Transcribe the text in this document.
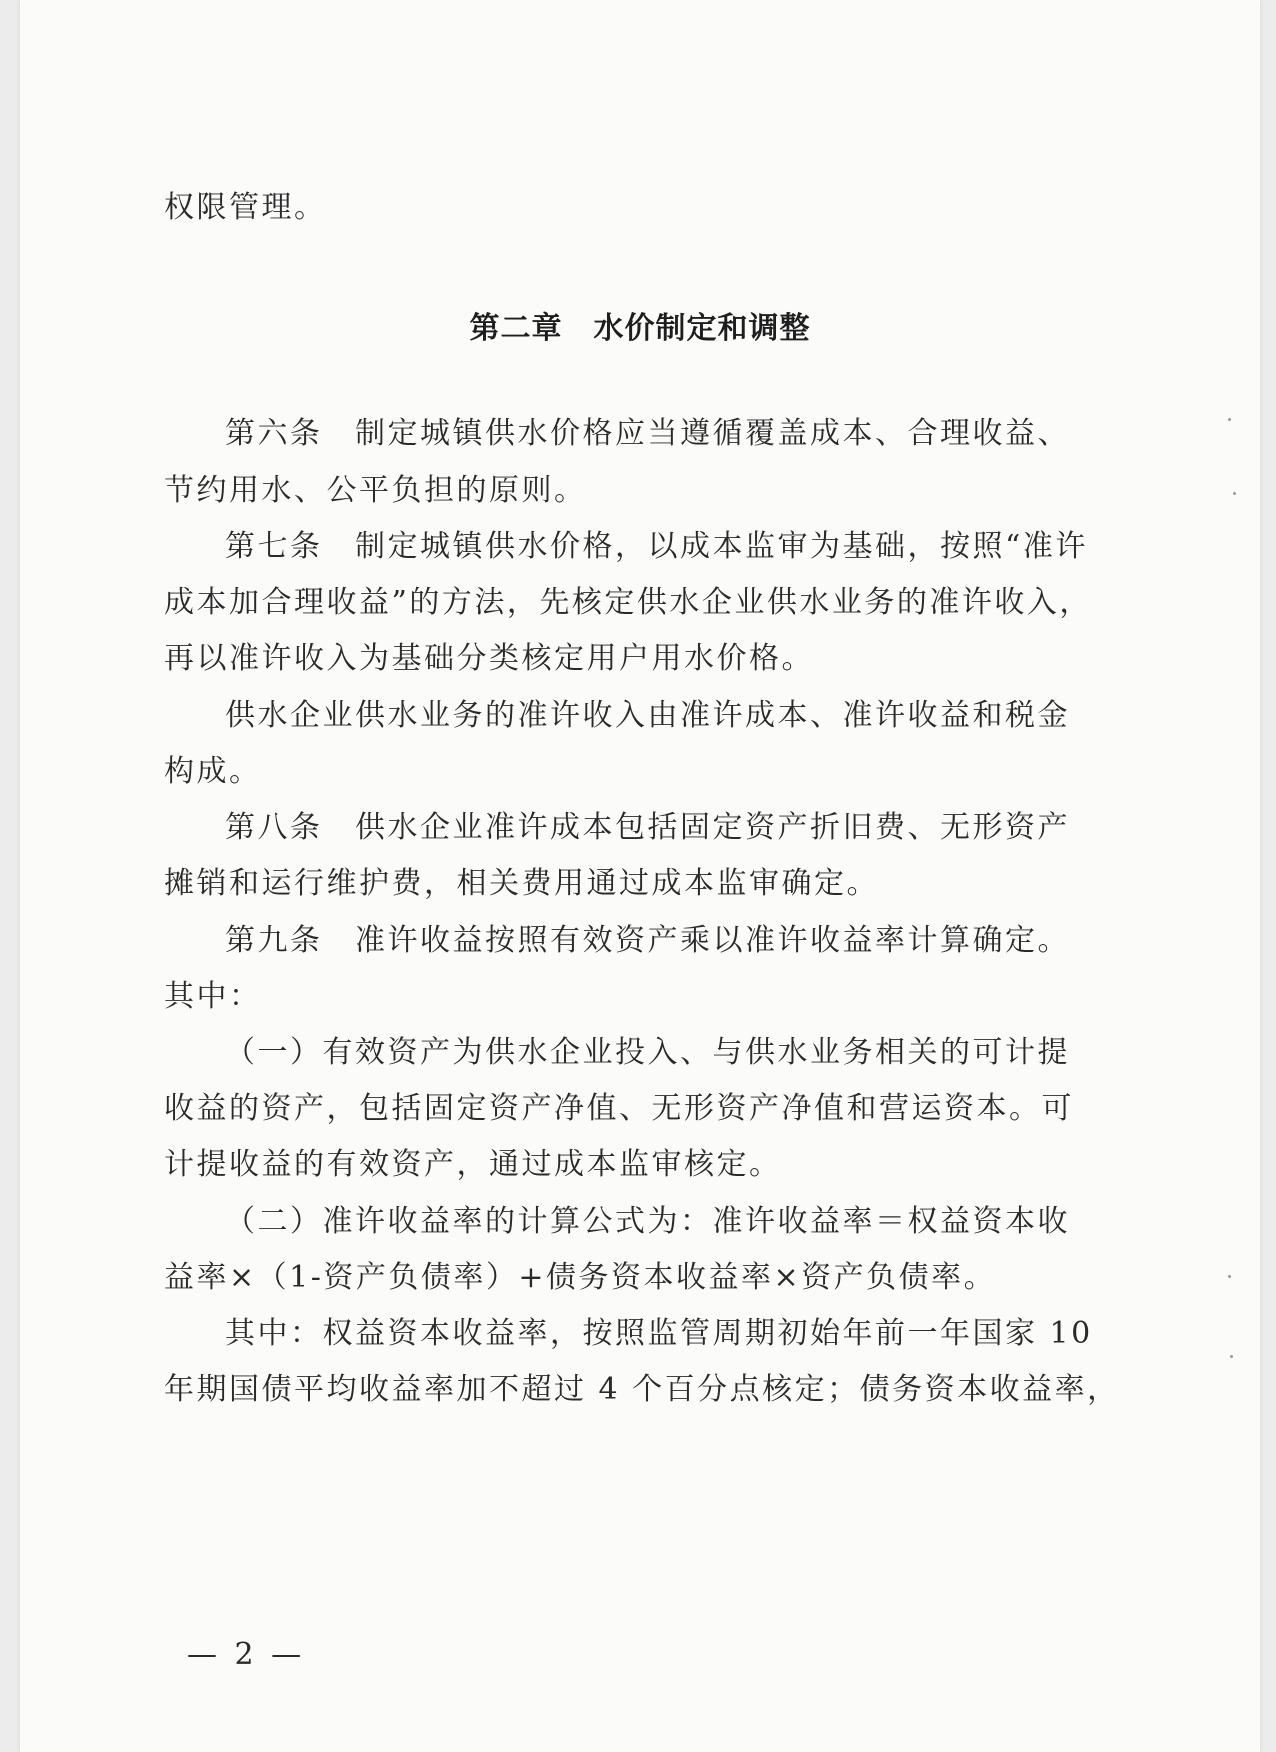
权限管理。
第二章　水价制定和调整
第六条　制定城镇供水价格应当遵循覆盖成本、合理收益、
节约用水、公平负担的原则。
第七条　制定城镇供水价格，以成本监审为基础，按照“准许
成本加合理收益”的方法，先核定供水企业供水业务的准许收入，
再以准许收入为基础分类核定用户用水价格。
供水企业供水业务的准许收入由准许成本、准许收益和税金
构成。
第八条　供水企业准许成本包括固定资产折旧费、无形资产
摊销和运行维护费，相关费用通过成本监审确定。
第九条　准许收益按照有效资产乘以准许收益率计算确定。
其中：
（一）有效资产为供水企业投入、与供水业务相关的可计提
收益的资产，包括固定资产净值、无形资产净值和营运资本。可
计提收益的有效资产，通过成本监审核定。
（二）准许收益率的计算公式为：准许收益率＝权益资本收
益率×（1-资产负债率）+债务资本收益率×资产负债率。
其中：权益资本收益率，按照监管周期初始年前一年国家 10
年期国债平均收益率加不超过 4 个百分点核定；债务资本收益率，
— 2 —
